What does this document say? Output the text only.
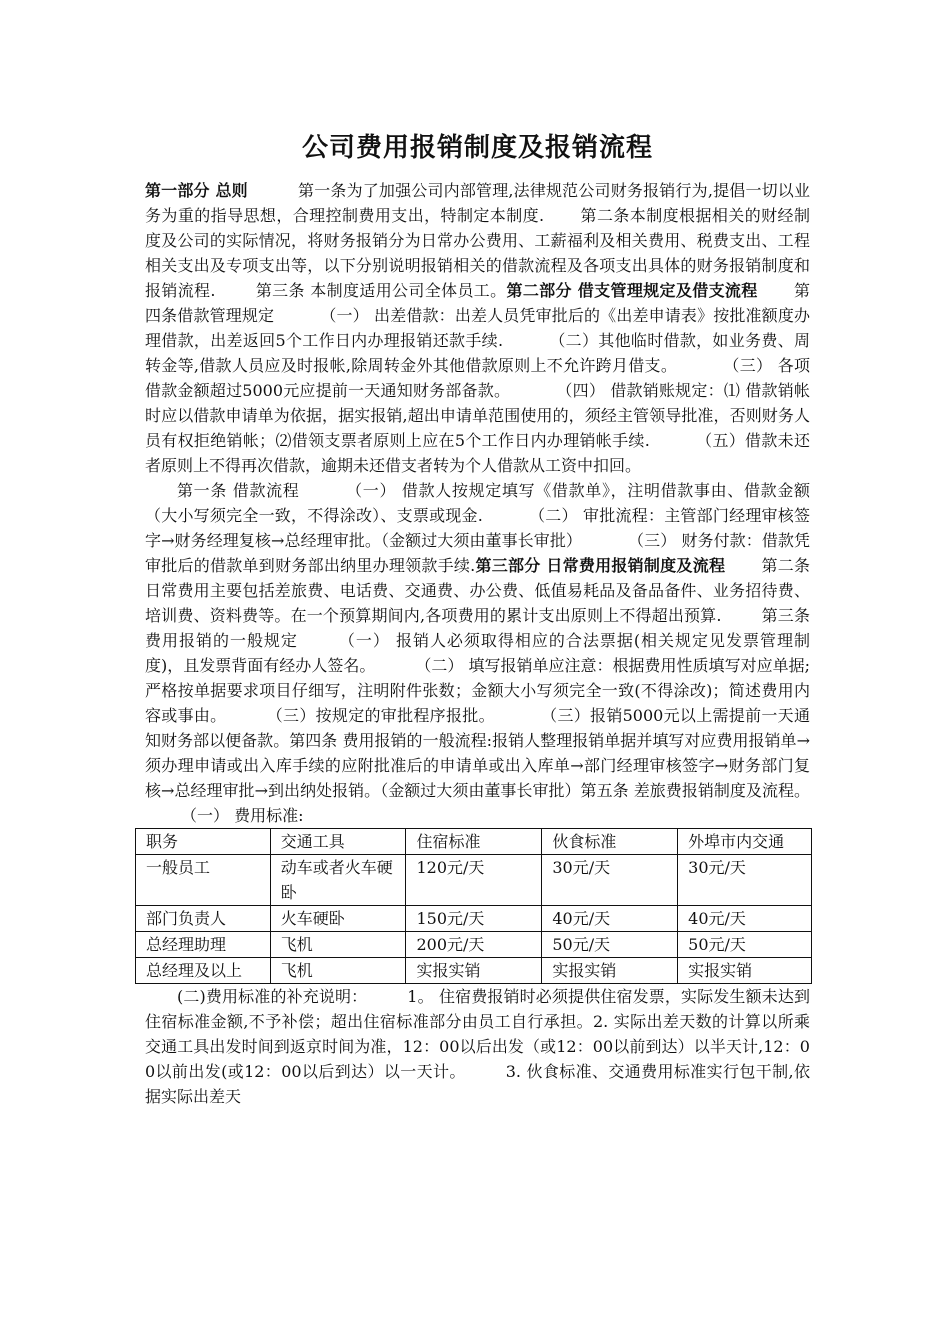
公司费用报销制度及报销流程

第一部分 总则	第一条为了加强公司内部管理,法律规范公司财务报销行为,提倡一切以业务为重的指导思想，合理控制费用支出，特制定本制度. 第二条本制度根据相关的财经制度及公司的实际情况，将财务报销分为日常办公费用、工薪福利及相关费用、税费支出、工程相关支出及专项支出等，以下分别说明报销相关的借款流程及各项支出具体的财务报销制度和报销流程.	第三条 本制度适用公司全体员工。第二部分 借支管理规定及借支流程 第四条借款管理规定	（一） 出差借款：出差人员凭审批后的《出差申请表》按批准额度办理借款，出差返回5个工作日内办理报销还款手续.	（二）其他临时借款，如业务费、周转金等,借款人员应及时报帐,除周转金外其他借款原则上不允许跨月借支。	（三） 各项借款金额超过5000元应提前一天通知财务部备款。	（四） 借款销账规定：⑴ 借款销帐时应以借款申请单为依据，据实报销,超出申请单范围使用的，须经主管领导批准，否则财务人员有权拒绝销帐；⑵借领支票者原则上应在5个工作日内办理销帐手续.	（五）借款未还者原则上不得再次借款，逾期未还借支者转为个人借款从工资中扣回。

第一条 借款流程	（一） 借款人按规定填写《借款单》，注明借款事由、借款金额（大小写须完全一致，不得涂改）、支票或现金.	（二） 审批流程：主管部门经理审核签字→财务经理复核→总经理审批。（金额过大须由董事长审批）	（三） 财务付款：借款凭审批后的借款单到财务部出纳里办理领款手续.第三部分 日常费用报销制度及流程 第二条日常费用主要包括差旅费、电话费、交通费、办公费、低值易耗品及备品备件、业务招待费、培训费、资料费等。在一个预算期间内,各项费用的累计支出原则上不得超出预算.	第三条 费用报销的一般规定	（一） 报销人必须取得相应的合法票据(相关规定见发票管理制度)，且发票背面有经办人签名。	（二） 填写报销单应注意：根据费用性质填写对应单据;严格按单据要求项目仔细写，注明附件张数；金额大小写须完全一致(不得涂改)；简述费用内容或事由。	（三）按规定的审批程序报批。	（三）报销5000元以上需提前一天通知财务部以便备款。第四条 费用报销的一般流程:报销人整理报销单据并填写对应费用报销单→ 须办理申请或出入库手续的应附批准后的申请单或出入库单→部门经理审核签字→财务部门复核→总经理审批→到出纳处报销。（金额过大须由董事长审批）第五条 差旅费报销制度及流程。（一） 费用标准:

职务	交通工具	住宿标准	伙食标准	外埠市内交通
一般员工	动车或者火车硬卧	120元/天	30元/天	30元/天
部门负责人	火车硬卧	150元/天	40元/天	40元/天
总经理助理	飞机	200元/天	50元/天	50元/天
总经理及以上	飞机	实报实销	实报实销	实报实销

(二)费用标准的补充说明：	1。 住宿费报销时必须提供住宿发票，实际发生额未达到住宿标准金额,不予补偿；超出住宿标准部分由员工自行承担。2. 实际出差天数的计算以所乘交通工具出发时间到返京时间为准，12：00以后出发（或12：00以前到达）以半天计,12：00以前出发(或12：00以后到达）以一天计。	3. 伙食标准、交通费用标准实行包干制,依据实际出差天
